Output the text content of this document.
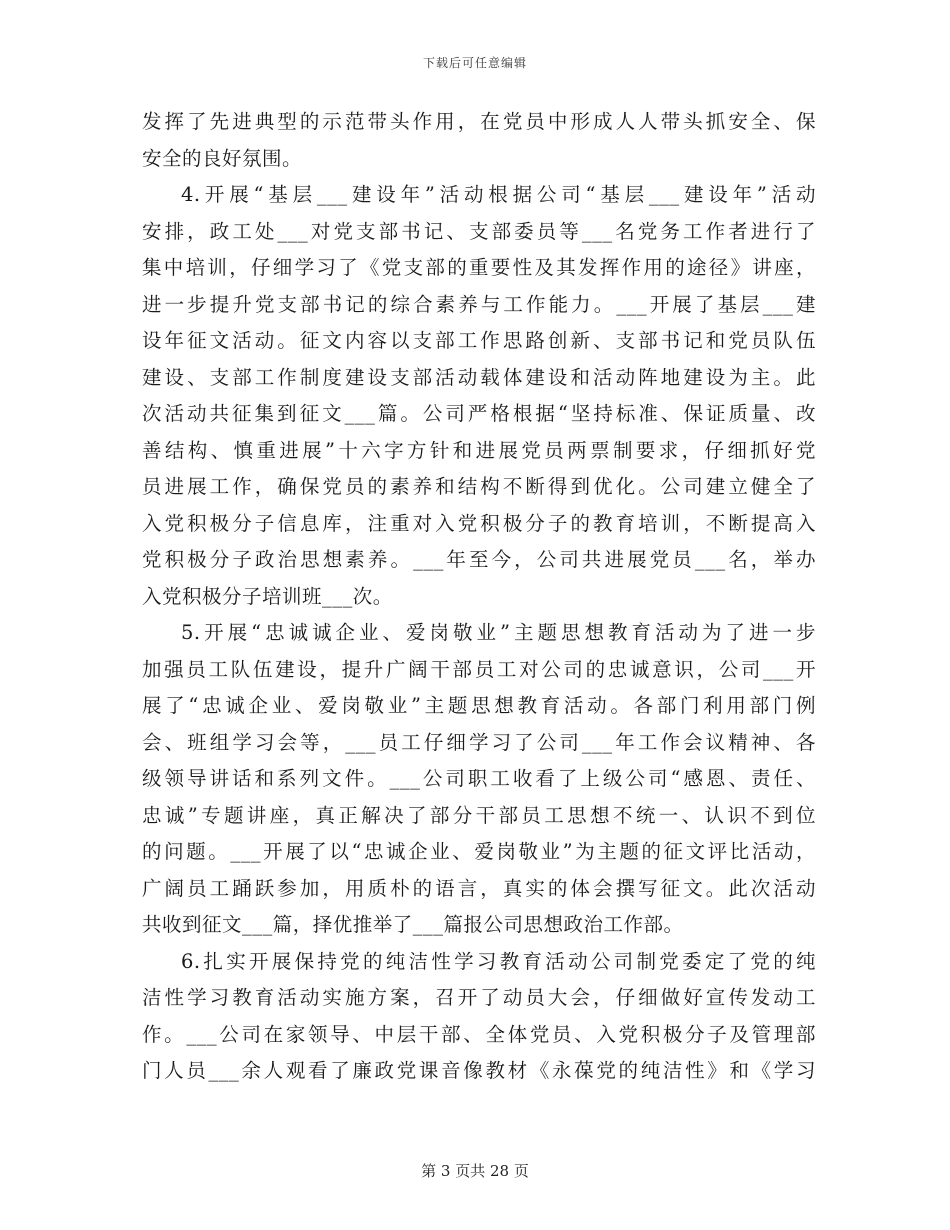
下载后可任意编辑
发挥了先进典型的示范带头作用，在党员中形成人人带头抓安全、保
安全的良好氛围。
4.开展“基层___建设年”活动根据公司“基层___建设年”活动
安排，政工处___对党支部书记、支部委员等___名党务工作者进行了
集中培训，仔细学习了《党支部的重要性及其发挥作用的途径》讲座，
进一步提升党支部书记的综合素养与工作能力。___开展了基层___建
设年征文活动。征文内容以支部工作思路创新、支部书记和党员队伍
建设、支部工作制度建设支部活动载体建设和活动阵地建设为主。此
次活动共征集到征文___篇。公司严格根据“坚持标准、保证质量、改
善结构、慎重进展”十六字方针和进展党员两票制要求，仔细抓好党
员进展工作，确保党员的素养和结构不断得到优化。公司建立健全了
入党积极分子信息库，注重对入党积极分子的教育培训，不断提高入
党积极分子政治思想素养。___年至今，公司共进展党员___名，举办
入党积极分子培训班___次。
5.开展“忠诚诚企业、爱岗敬业”主题思想教育活动为了进一步
加强员工队伍建设，提升广阔干部员工对公司的忠诚意识，公司___开
展了“忠诚企业、爱岗敬业”主题思想教育活动。各部门利用部门例
会、班组学习会等，___员工仔细学习了公司___年工作会议精神、各
级领导讲话和系列文件。___公司职工收看了上级公司“感恩、责任、
忠诚”专题讲座，真正解决了部分干部员工思想不统一、认识不到位
的问题。___开展了以“忠诚企业、爱岗敬业”为主题的征文评比活动，
广阔员工踊跃参加，用质朴的语言，真实的体会撰写征文。此次活动
共收到征文___篇，择优推举了___篇报公司思想政治工作部。
6.扎实开展保持党的纯洁性学习教育活动公司制党委定了党的纯
洁性学习教育活动实施方案，召开了动员大会，仔细做好宣传发动工
作。___公司在家领导、中层干部、全体党员、入党积极分子及管理部
门人员___余人观看了廉政党课音像教材《永葆党的纯洁性》和《学习
第 3 页共 28 页
